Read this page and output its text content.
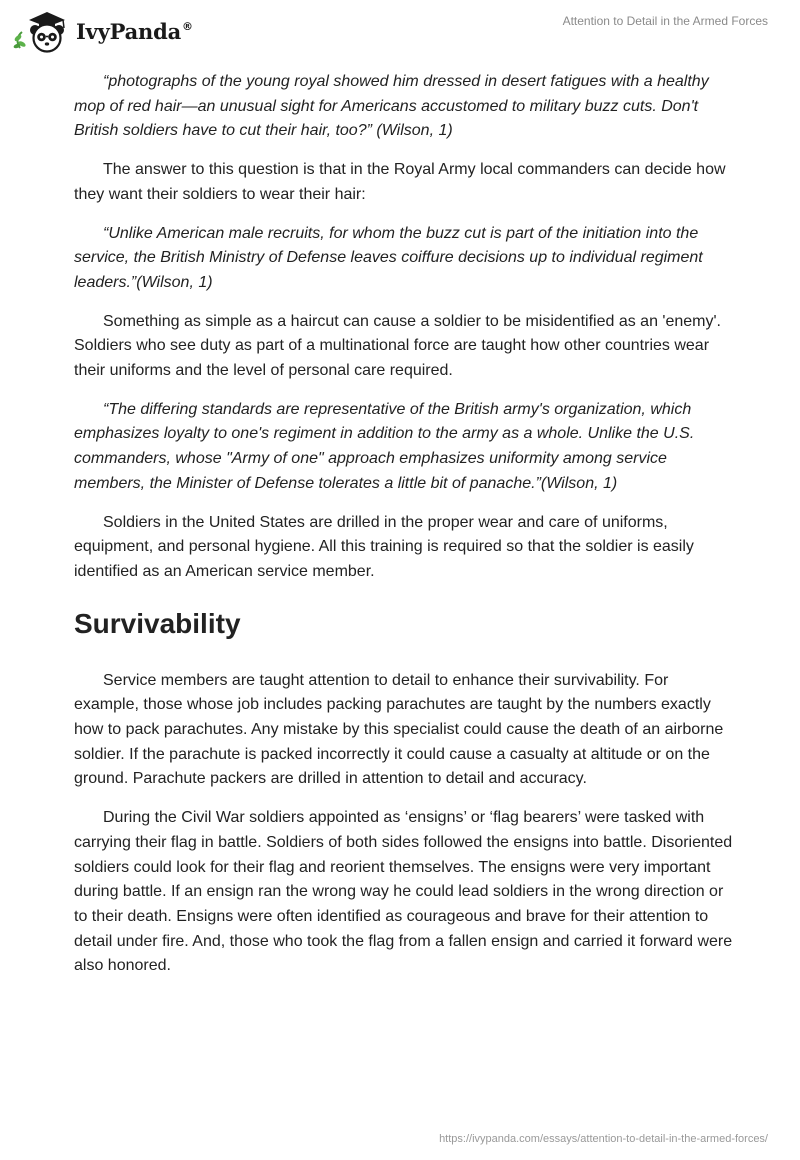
IvyPanda®	Attention to Detail in the Armed Forces

“photographs of the young royal showed him dressed in desert fatigues with a healthy mop of red hair—an unusual sight for Americans accustomed to military buzz cuts. Don't British soldiers have to cut their hair, too?” (Wilson, 1)

The answer to this question is that in the Royal Army local commanders can decide how they want their soldiers to wear their hair:

“Unlike American male recruits, for whom the buzz cut is part of the initiation into the service, the British Ministry of Defense leaves coiffure decisions up to individual regiment leaders.”(Wilson, 1)

Something as simple as a haircut can cause a soldier to be misidentified as an 'enemy'. Soldiers who see duty as part of a multinational force are taught how other countries wear their uniforms and the level of personal care required.

“The differing standards are representative of the British army's organization, which emphasizes loyalty to one's regiment in addition to the army as a whole. Unlike the U.S. commanders, whose "Army of one" approach emphasizes uniformity among service members, the Minister of Defense tolerates a little bit of panache.”(Wilson, 1)

Soldiers in the United States are drilled in the proper wear and care of uniforms, equipment, and personal hygiene. All this training is required so that the soldier is easily identified as an American service member.

Survivability

Service members are taught attention to detail to enhance their survivability. For example, those whose job includes packing parachutes are taught by the numbers exactly how to pack parachutes. Any mistake by this specialist could cause the death of an airborne soldier. If the parachute is packed incorrectly it could cause a casualty at altitude or on the ground. Parachute packers are drilled in attention to detail and accuracy.

During the Civil War soldiers appointed as ‘ensigns’ or ‘flag bearers’ were tasked with carrying their flag in battle. Soldiers of both sides followed the ensigns into battle. Disoriented soldiers could look for their flag and reorient themselves. The ensigns were very important during battle. If an ensign ran the wrong way he could lead soldiers in the wrong direction or to their death. Ensigns were often identified as courageous and brave for their attention to detail under fire. And, those who took the flag from a fallen ensign and carried it forward were also honored.

https://ivypanda.com/essays/attention-to-detail-in-the-armed-forces/
